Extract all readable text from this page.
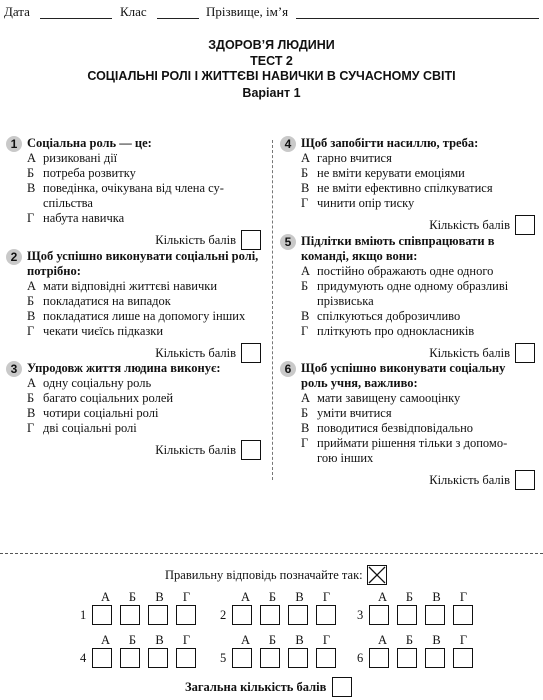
Дата	Клас	Прізвище, ім’я
ЗДОРОВ’Я ЛЮДИНИ
ТЕСТ 2
СОЦІАЛЬНІ РОЛІ І ЖИТТЄВІ НАВИЧКИ В СУЧАСНОМУ СВІТІ
Варіант 1
1 Соціальна роль — це:
А ризиковані дії
Б потреба розвитку
В поведінка, очікувана від члена су-
спільства
Г набута навичка
Кількість балів
2 Щоб успішно виконувати соціальні ролі, потрібно:
А мати відповідні життєві навички
Б покладатися на випадок
В покладатися лише на допомогу інших
Г чекати чиєїсь підказки
Кількість балів
3 Упродовж життя людина виконує:
А одну соціальну роль
Б багато соціальних ролей
В чотири соціальні ролі
Г дві соціальні ролі
Кількість балів
4 Щоб запобігти насиллю, треба:
А гарно вчитися
Б не вміти керувати емоціями
В не вміти ефективно спілкуватися
Г чинити опір тиску
Кількість балів
5 Підлітки вміють співпрацювати в команді, якщо вони:
А постійно ображають одне одного
Б придумують одне одному образливі
прізвиська
В спілкуються доброзичливо
Г пліткують про однокласників
Кількість балів
6 Щоб успішно виконувати соціальну роль учня, важливо:
А мати завищену самооцінку
Б уміти вчитися
В поводитися безвідповідально
Г приймати рішення тільки з допомо-
гою інших
Кількість балів
Правильну відповідь позначайте так:
А	Б	В	Г
1
А	Б	В	Г
2
А	Б	В	Г
3
А	Б	В	Г
4
А	Б	В	Г
5
А	Б	В	Г
6
Загальна кількість балів
